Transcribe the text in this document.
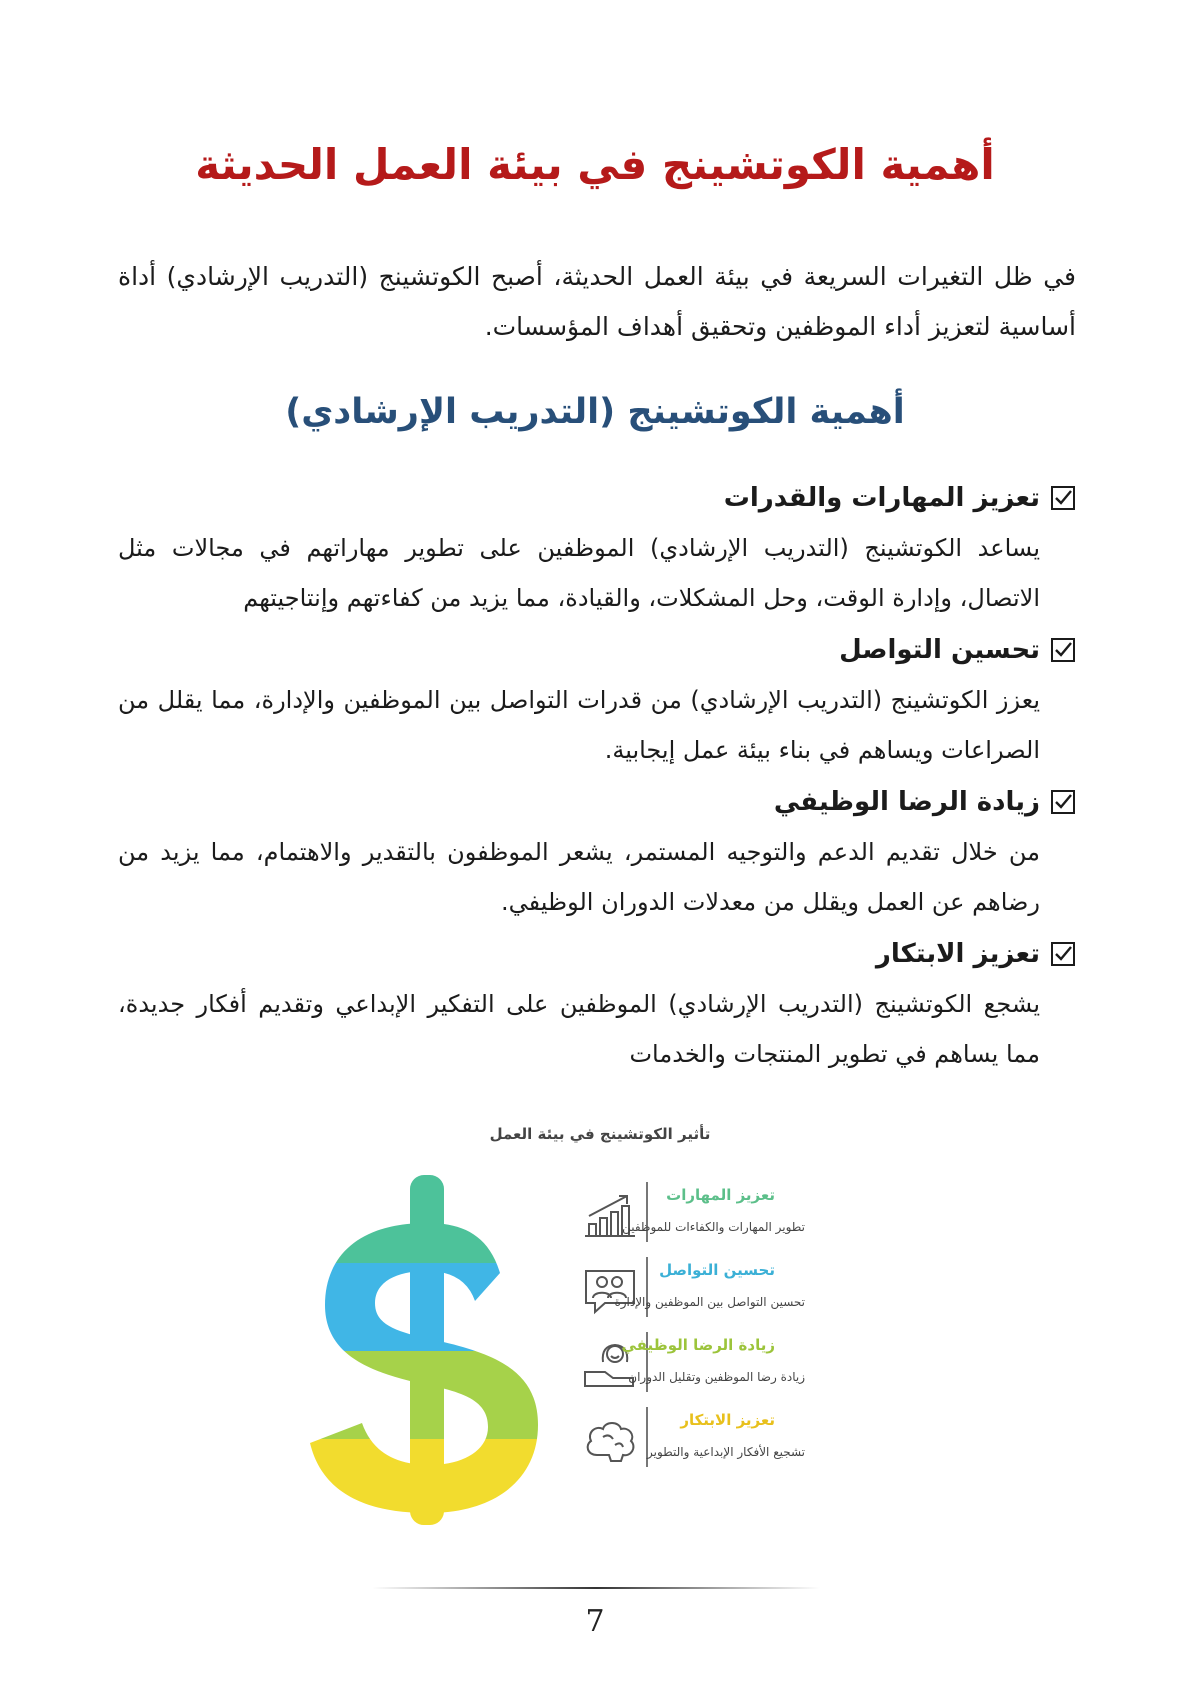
أهمية الكوتشينج في بيئة العمل الحديثة

في ظل التغيرات السريعة في بيئة العمل الحديثة، أصبح الكوتشينج (التدريب الإرشادي) أداة أساسية لتعزيز أداء الموظفين وتحقيق أهداف المؤسسات.

أهمية الكوتشينج (التدريب الإرشادي)
تعزيز المهارات والقدرات

يساعد الكوتشينج (التدريب الإرشادي) الموظفين على تطوير مهاراتهم في مجالات مثل الاتصال، وإدارة الوقت، وحل المشكلات، والقيادة، مما يزيد من كفاءتهم وإنتاجيتهم

تحسين التواصل

يعزز الكوتشينج (التدريب الإرشادي) من قدرات التواصل بين الموظفين والإدارة، مما يقلل من الصراعات ويساهم في بناء بيئة عمل إيجابية.

زيادة الرضا الوظيفي

من خلال تقديم الدعم والتوجيه المستمر، يشعر الموظفون بالتقدير والاهتمام، مما يزيد من رضاهم عن العمل ويقلل من معدلات الدوران الوظيفي.

تعزيز الابتكار

يشجع الكوتشينج (التدريب الإرشادي) الموظفين على التفكير الإبداعي وتقديم أفكار جديدة، مما يساهم في تطوير المنتجات والخدمات

تأثير الكوتشينج في بيئة العمل

تعزيز المهارات

تطوير المهارات والكفاءات للموظفين

تحسين التواصل

تحسين التواصل بين الموظفين والإدارة

زيادة الرضا الوظيفي

زيادة رضا الموظفين وتقليل الدوران

تعزيز الابتكار

تشجيع الأفكار الإبداعية والتطوير

7
